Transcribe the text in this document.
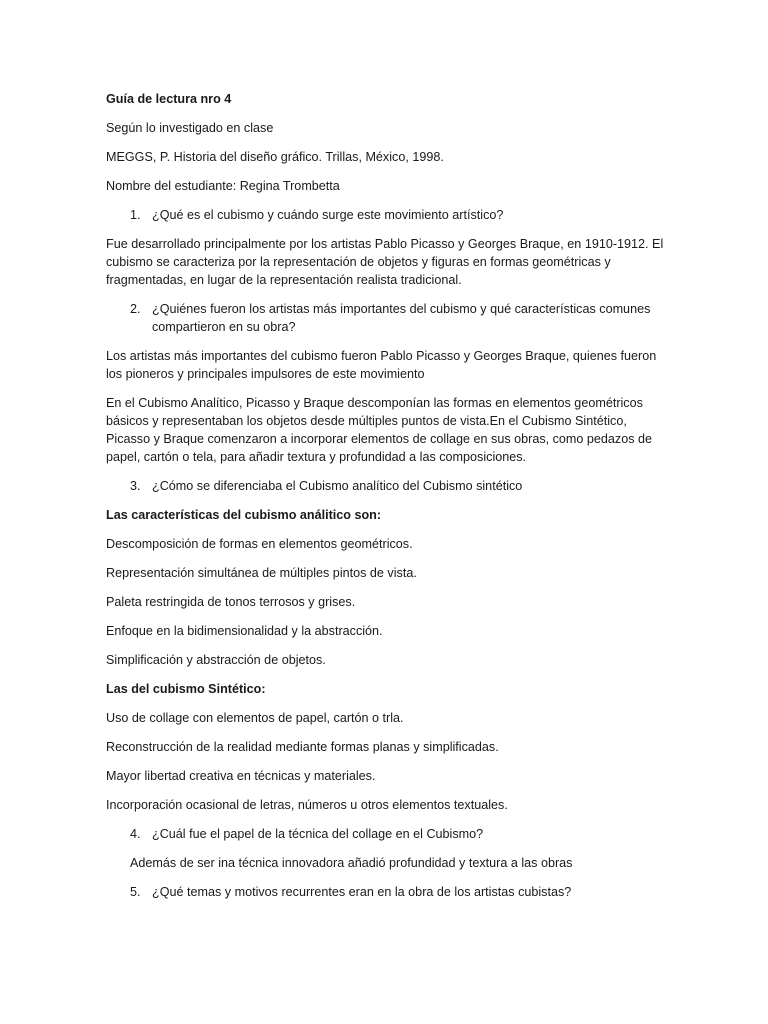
Guía de lectura nro 4

Según lo investigado en clase

MEGGS, P. Historia del diseño gráfico. Trillas, México, 1998.

Nombre del estudiante: Regina Trombetta

1. ¿Qué es el cubismo y cuándo surge este movimiento artístico?

Fue desarrollado principalmente por los artistas Pablo Picasso y Georges Braque, en 1910-1912. El cubismo se caracteriza por la representación de objetos y figuras en formas geométricas y fragmentadas, en lugar de la representación realista tradicional.

2. ¿Quiénes fueron los artistas más importantes del cubismo y qué características comunes compartieron en su obra?

Los artistas más importantes del cubismo fueron Pablo Picasso y Georges Braque, quienes fueron los pioneros y principales impulsores de este movimiento

En el Cubismo Analítico, Picasso y Braque descomponían las formas en elementos geométricos básicos y representaban los objetos desde múltiples puntos de vista.En el Cubismo Sintético, Picasso y Braque comenzaron a incorporar elementos de collage en sus obras, como pedazos de papel, cartón o tela, para añadir textura y profundidad a las composiciones.

3. ¿Cómo se diferenciaba el Cubismo analítico del Cubismo sintético

Las características del cubismo análitico son:

Descomposición de formas en elementos geométricos.

Representación simultánea de múltiples pintos de vista.

Paleta restringida de tonos terrosos y grises.

Enfoque en la bidimensionalidad y la abstracción.

Simplificación y abstracción de objetos.

Las del cubismo Sintético:

Uso de collage con elementos de papel, cartón o trla.

Reconstrucción de la realidad mediante formas planas y simplificadas.

Mayor libertad creativa en técnicas y materiales.

Incorporación ocasional de letras, números u otros elementos textuales.

4. ¿Cuál fue el papel de la técnica del collage en el Cubismo?

Además de ser ina técnica innovadora añadió profundidad y textura a las obras

5. ¿Qué temas y motivos recurrentes eran en la obra de los artistas cubistas?
